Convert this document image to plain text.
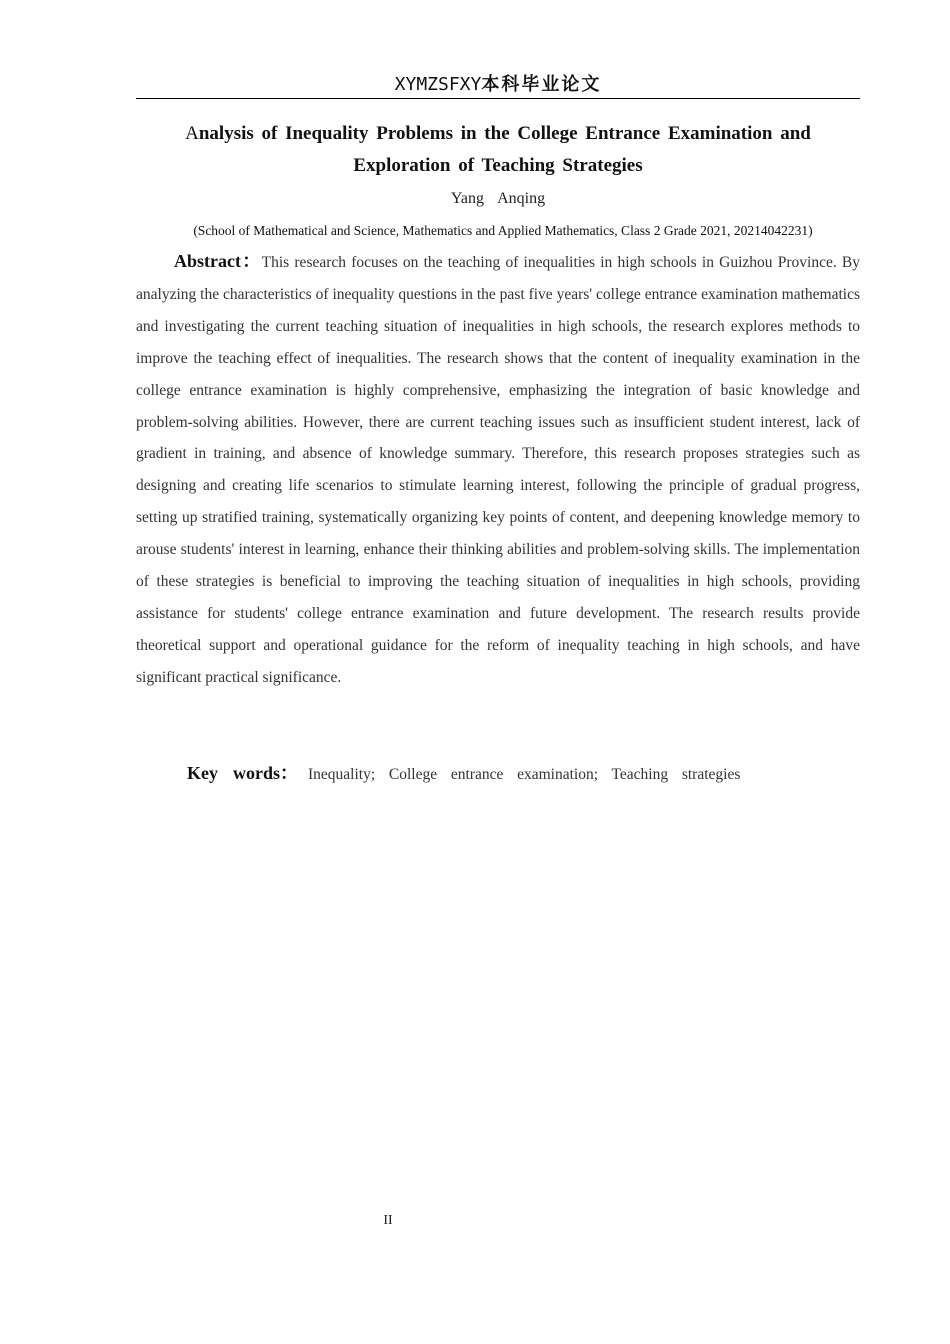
XYMZSFXY本科毕业论文
Analysis of Inequality Problems in the College Entrance Examination and Exploration of Teaching Strategies
Yang  Anqing
(School of Mathematical and Science, Mathematics and Applied Mathematics, Class 2 Grade 2021, 20214042231)

Abstract：This research focuses on the teaching of inequalities in high schools in Guizhou Province. By analyzing the characteristics of inequality questions in the past five years' college entrance examination mathematics and investigating the current teaching situation of inequalities in high schools, the research explores methods to improve the teaching effect of inequalities. The research shows that the content of inequality examination in the college entrance examination is highly comprehensive, emphasizing the integration of basic knowledge and problem-solving abilities. However, there are current teaching issues such as insufficient student interest, lack of gradient in training, and absence of knowledge summary. Therefore, this research proposes strategies such as designing and creating life scenarios to stimulate learning interest, following the principle of gradual progress, setting up stratified training, systematically organizing key points of content, and deepening knowledge memory to arouse students' interest in learning, enhance their thinking abilities and problem-solving skills. The implementation of these strategies is beneficial to improving the teaching situation of inequalities in high schools, providing assistance for students' college entrance examination and future development. The research results provide theoretical support and operational guidance for the reform of inequality teaching in high schools, and have significant practical significance.

Key  words： Inequality;  College  entrance  examination;  Teaching  strategies
II
